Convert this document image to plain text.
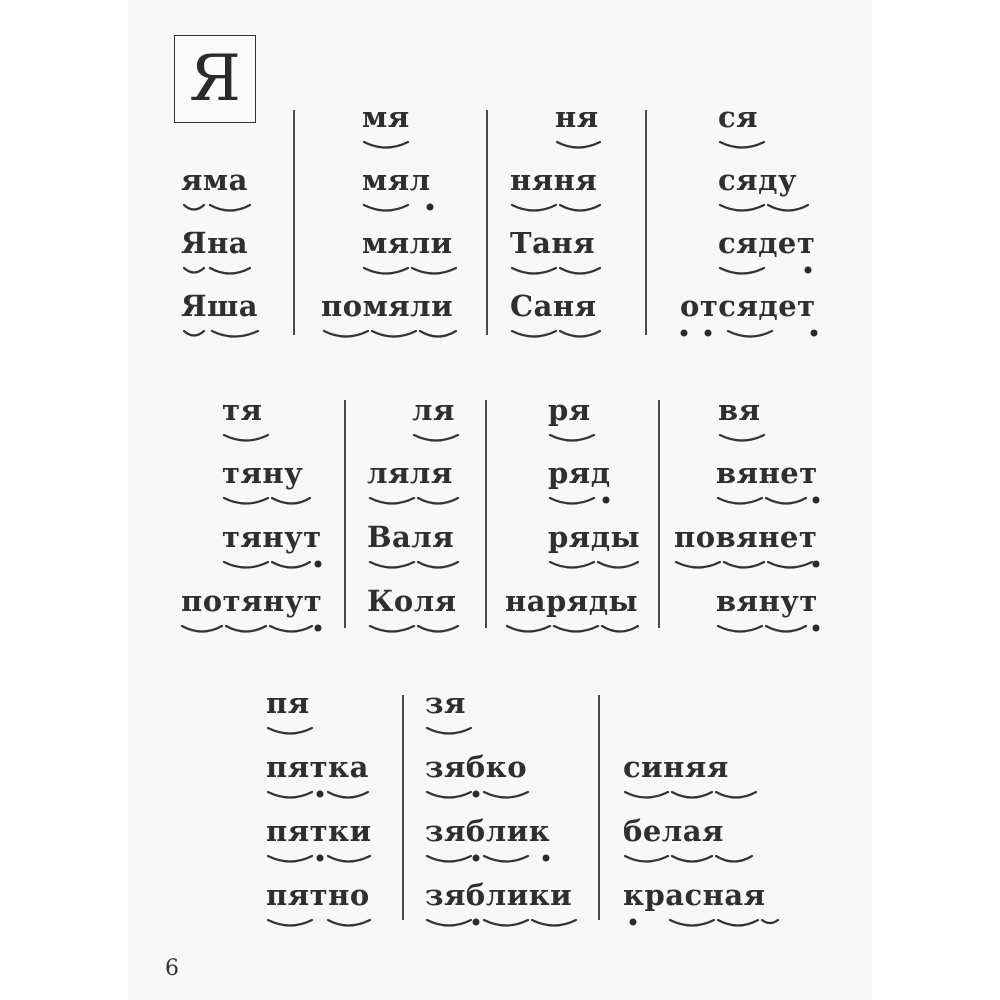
Я
яма
Яна
Яша
мя
мял
мяли
помяли
ня
няня
Таня
Саня
ся
сяду
сядет
отсядет
тя
тяну
тянут
потянут
ля
ляля
Валя
Коля
ря
ряд
ряды
наряды
вя
вянет
повянет
вянут
пя
пятка
пятки
пятно
зя
зябко
зяблик
зяблики
синяя
белая
красная
6
